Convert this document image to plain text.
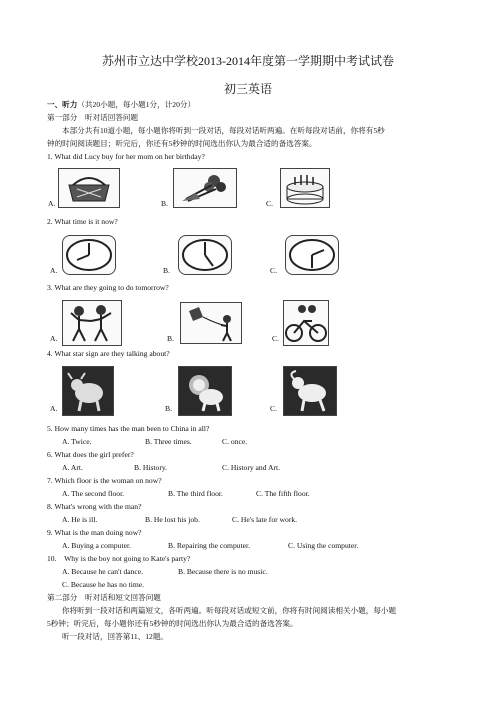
苏州市立达中学校2013-2014年度第一学期期中考试试卷
初三英语
一、听力（共20小题，每小题1分，计20分）
第一部分　听对话回答问题
本部分共有10道小题，每小题你将听到一段对话，每段对话听两遍。在听每段对话前，你将有5秒
钟的时间阅读题目；听完后，你还有5秒钟的时间选出你认为最合适的备选答案。
1. What did Lucy buy for her mom on her birthday?
A.	B.	C.
2. What time is it now?
A.	B.	C.
3. What are they going to do tomorrow?
A.	B.	C.
4. What star sign are they talking about?
A.	B.	C.
5. How many times has the man been to China in all?
A. Twice.	B. Three times.	C. once.
6. What does the girl prefer?
A. Art.	B. History.	C. History and Art.
7. Which floor is the woman on now?
A. The second floor.	B. The third floor.	C. The fifth floor.
8. What's wrong with the man?
A. He is ill.	B. He lost his job.	C. He's late for work.
9. What is the man doing now?
A. Buying a computer.	B. Repairing the computer.	C. Using the computer.
10.　Why is the boy not going to Kate's party?
A. Because he can't dance.	B. Because there is no music.
C. Because he has no time.
第二部分　听对话和短文回答问题
你将听到一段对话和两篇短文，各听两遍。听每段对话或短文前，你将有时间阅读相关小题，每小题
5秒钟；听完后，每小题你还有5秒钟的时间选出你认为最合适的备选答案。
听一段对话，回答第11、12题。
